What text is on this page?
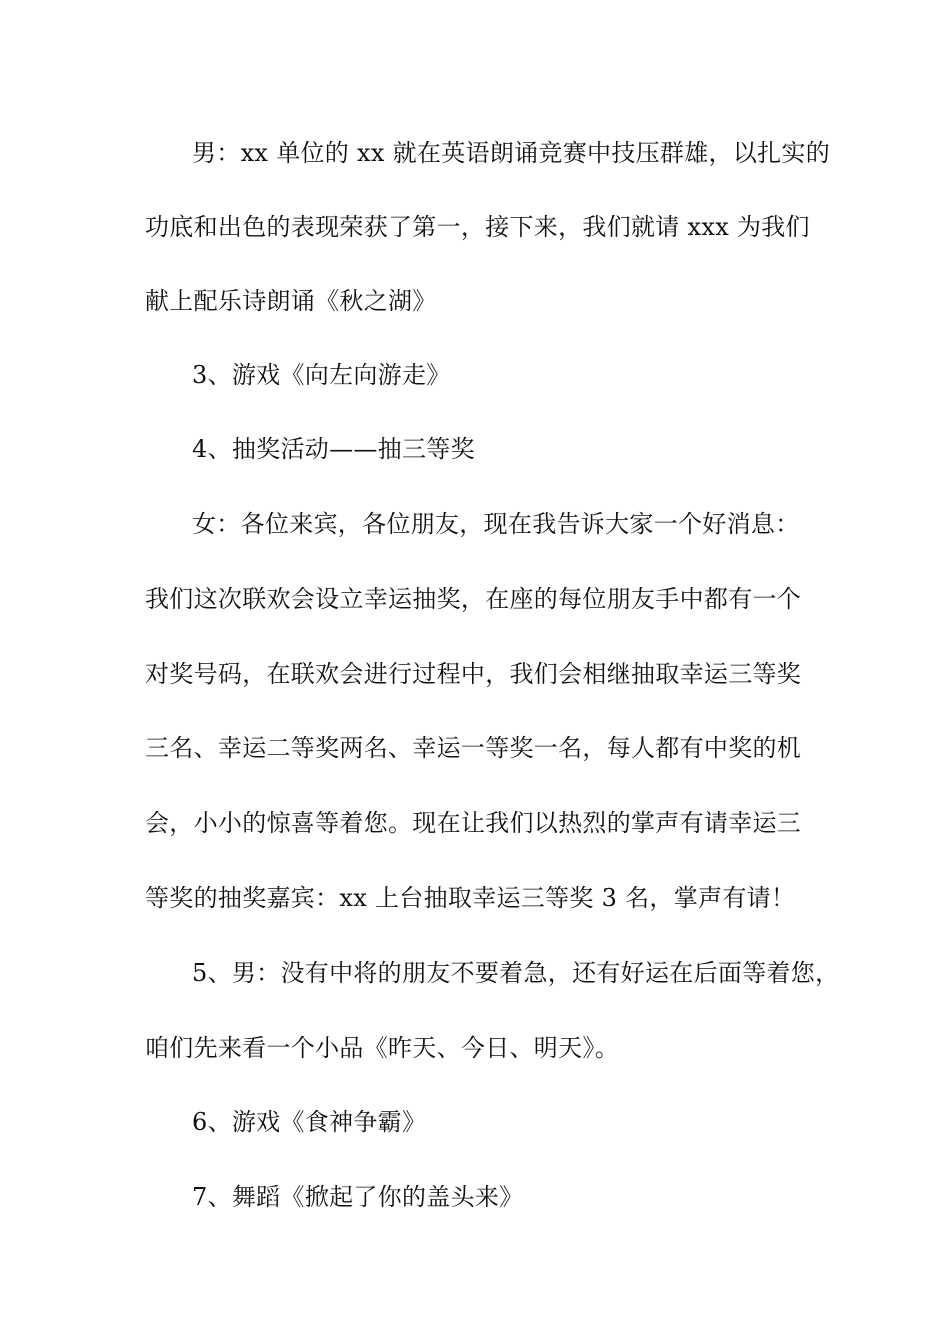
男：xx 单位的 xx 就在英语朗诵竞赛中技压群雄，以扎实的
功底和出色的表现荣获了第一，接下来，我们就请 xxx 为我们
献上配乐诗朗诵《秋之湖》
3、游戏《向左向游走》
4、抽奖活动——抽三等奖
女：各位来宾，各位朋友，现在我告诉大家一个好消息：
我们这次联欢会设立幸运抽奖，在座的每位朋友手中都有一个
对奖号码，在联欢会进行过程中，我们会相继抽取幸运三等奖
三名、幸运二等奖两名、幸运一等奖一名，每人都有中奖的机
会，小小的惊喜等着您。现在让我们以热烈的掌声有请幸运三
等奖的抽奖嘉宾：xx 上台抽取幸运三等奖 3 名，掌声有请！
5、男：没有中将的朋友不要着急，还有好运在后面等着您，
咱们先来看一个小品《昨天、今日、明天》。
6、游戏《食神争霸》
7、舞蹈《掀起了你的盖头来》
